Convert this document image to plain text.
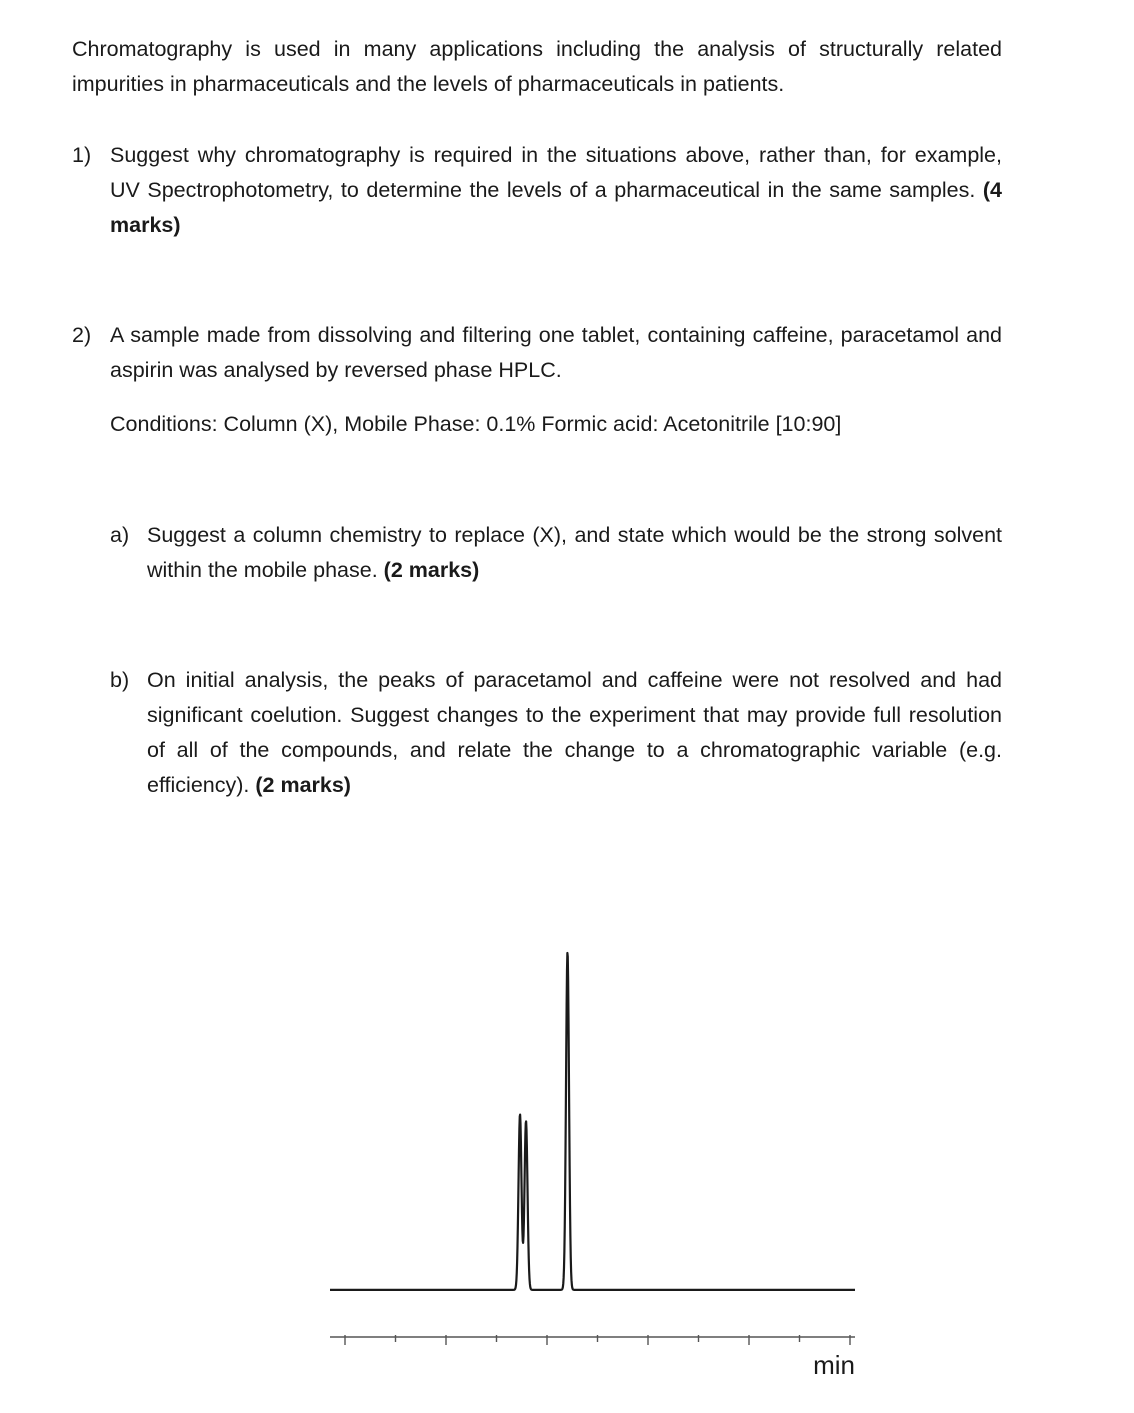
Chromatography is used in many applications including the analysis of structurally related impurities in pharmaceuticals and the levels of pharmaceuticals in patients.

1) Suggest why chromatography is required in the situations above, rather than, for example, UV Spectrophotometry, to determine the levels of a pharmaceutical in the same samples. (4 marks)

2) A sample made from dissolving and filtering one tablet, containing caffeine, paracetamol and aspirin was analysed by reversed phase HPLC.

Conditions: Column (X), Mobile Phase: 0.1% Formic acid: Acetonitrile [10:90]

a) Suggest a column chemistry to replace (X), and state which would be the strong solvent within the mobile phase. (2 marks)

b) On initial analysis, the peaks of paracetamol and caffeine were not resolved and had significant coelution. Suggest changes to the experiment that may provide full resolution of all of the compounds, and relate the change to a chromatographic variable (e.g. efficiency). (2 marks)

min
